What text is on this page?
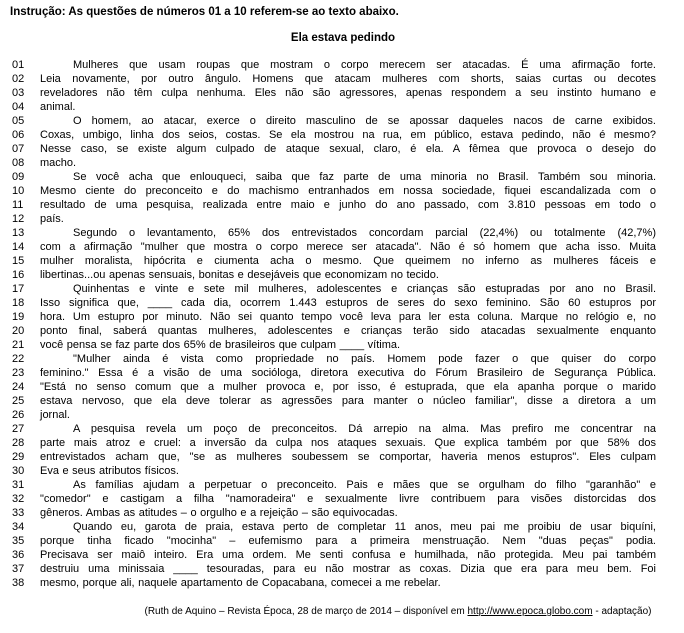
Instrução: As questões de números 01 a 10 referem-se ao texto abaixo.
Ela estava pedindo
01	Mulheres que usam roupas que mostram o corpo merecem ser atacadas. É uma afirmação forte.
02	Leia novamente, por outro ângulo. Homens que atacam mulheres com shorts, saias curtas ou decotes
03	reveladores não têm culpa nenhuma. Eles não são agressores, apenas respondem a seu instinto humano e
04	animal.
05	O homem, ao atacar, exerce o direito masculino de se apossar daqueles nacos de carne exibidos.
06	Coxas, umbigo, linha dos seios, costas. Se ela mostrou na rua, em público, estava pedindo, não é mesmo?
07	Nesse caso, se existe algum culpado de ataque sexual, claro, é ela. A fêmea que provoca o desejo do
08	macho.
09	Se você acha que enlouqueci, saiba que faz parte de uma minoria no Brasil. Também sou minoria.
10	Mesmo ciente do preconceito e do machismo entranhados em nossa sociedade, fiquei escandalizada com o
11	resultado de uma pesquisa, realizada entre maio e junho do ano passado, com 3.810 pessoas em todo o
12	país.
13	Segundo o levantamento, 65% dos entrevistados concordam parcial (22,4%) ou totalmente (42,7%)
14	com a afirmação "mulher que mostra o corpo merece ser atacada". Não é só homem que acha isso. Muita
15	mulher moralista, hipócrita e ciumenta acha o mesmo. Que queimem no inferno as mulheres fáceis e
16	libertinas...ou apenas sensuais, bonitas e desejáveis que economizam no tecido.
17	Quinhentas e vinte e sete mil mulheres, adolescentes e crianças são estupradas por ano no Brasil.
18	Isso significa que, ____ cada dia, ocorrem 1.443 estupros de seres do sexo feminino. São 60 estupros por
19	hora. Um estupro por minuto. Não sei quanto tempo você leva para ler esta coluna. Marque no relógio e, no
20	ponto final, saberá quantas mulheres, adolescentes e crianças terão sido atacadas sexualmente enquanto
21	você pensa se faz parte dos 65% de brasileiros que culpam ____ vítima.
22	"Mulher ainda é vista como propriedade no país. Homem pode fazer o que quiser do corpo
23	feminino." Essa é a visão de uma socióloga, diretora executiva do Fórum Brasileiro de Segurança Pública.
24	"Está no senso comum que a mulher provoca e, por isso, é estuprada, que ela apanha porque o marido
25	estava nervoso, que ela deve tolerar as agressões para manter o núcleo familiar", disse a diretora a um
26	jornal.
27	A pesquisa revela um poço de preconceitos. Dá arrepio na alma. Mas prefiro me concentrar na
28	parte mais atroz e cruel: a inversão da culpa nos ataques sexuais. Que explica também por que 58% dos
29	entrevistados acham que, "se as mulheres soubessem se comportar, haveria menos estupros". Eles culpam
30	Eva e seus atributos físicos.
31	As famílias ajudam a perpetuar o preconceito. Pais e mães que se orgulham do filho "garanhão" e
32	"comedor" e castigam a filha "namoradeira" e sexualmente livre contribuem para visões distorcidas dos
33	gêneros. Ambas as atitudes – o orgulho e a rejeição – são equivocadas.
34	Quando eu, garota de praia, estava perto de completar 11 anos, meu pai me proibiu de usar biquíni,
35	porque tinha ficado "mocinha" – eufemismo para a primeira menstruação. Nem "duas peças" podia.
36	Precisava ser maiô inteiro. Era uma ordem. Me senti confusa e humilhada, não protegida. Meu pai também
37	destruiu uma minissaia ____ tesouradas, para eu não mostrar as coxas. Dizia que era para meu bem. Foi
38	mesmo, porque ali, naquele apartamento de Copacabana, comecei a me rebelar.
(Ruth de Aquino – Revista Época, 28 de março de 2014 – disponível em http://www.epoca.globo.com - adaptação)
